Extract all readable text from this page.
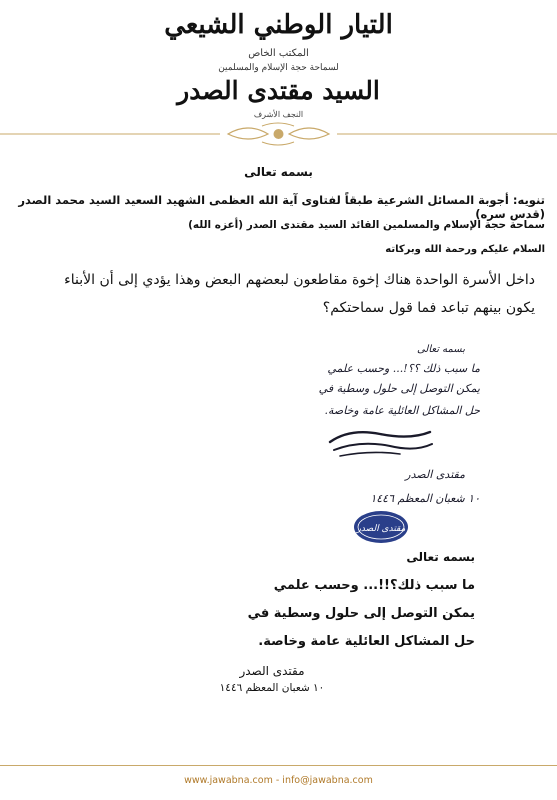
التيار الوطني الشيعي
المكتب الخاص
لسماحة حجة الإسلام والمسلمين
السيد مقتدى الصدر
النجف الأشرف
بسمه تعالى
تنويه: أجوبة المسائل الشرعية طبقاً لفتاوى آية الله العظمى الشهيد السعيد السيد محمد الصدر (قدس سره)
سماحة حجة الإسلام والمسلمين القائد السيد مقتدى الصدر (أعزه الله)
السلام عليكم ورحمة الله وبركاته
داخل الأسرة الواحدة هناك إخوة مقاطعون لبعضهم البعض وهذا يؤدي إلى أن الأبناء يكون بينهم تباعد فما قول سماحتكم؟
بسمه تعالى
ما سبب ذلك ؟؟!... وحسب علمي
يمكن التوصل إلى حلول وسطية في
حل المشاكل العائلية عامة وخاصة.
مقتدى الصدر
١٠ شعبان المعظم ١٤٤٦
مقتدى الصدر
بسمه تعالى
ما سبب ذلك؟!!... وحسب علمي
يمكن التوصل إلى حلول وسطية في
حل المشاكل العائلية عامة وخاصة.
مقتدى الصدر
١٠ شعبان المعظم ١٤٤٦
www.jawabna.com - info@jawabna.com
